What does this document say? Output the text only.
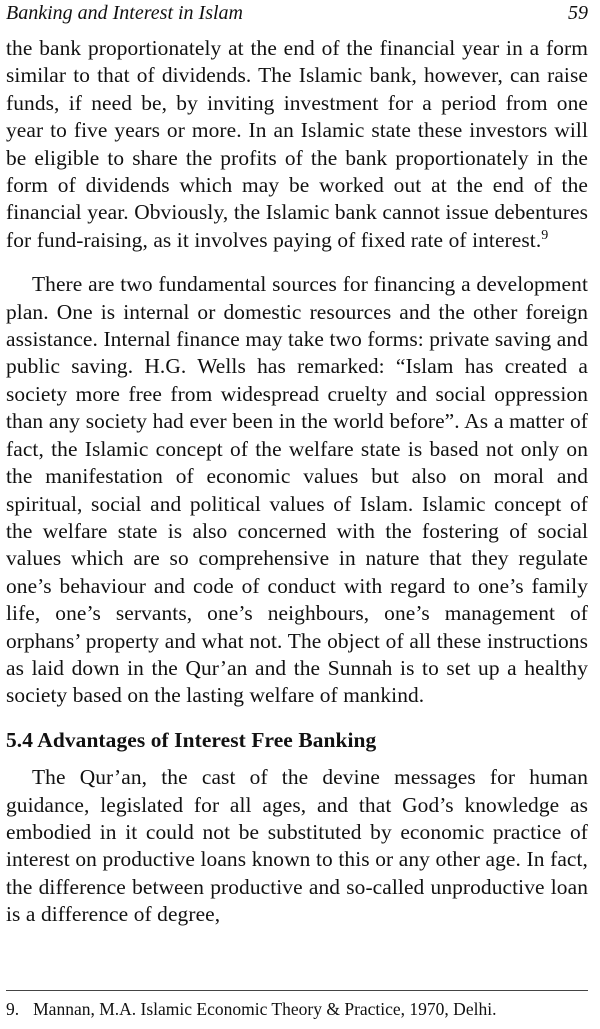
Banking and Interest in Islam	59

the bank proportionately at the end of the financial year in a form similar to that of dividends. The Islamic bank, however, can raise funds, if need be, by inviting investment for a period from one year to five years or more. In an Islamic state these investors will be eligible to share the profits of the bank proportionately in the form of dividends which may be worked out at the end of the financial year. Obviously, the Islamic bank cannot issue debentures for fund-raising, as it involves paying of fixed rate of interest.$^9$

There are two fundamental sources for financing a development plan. One is internal or domestic resources and the other foreign assistance. Internal finance may take two forms: private saving and public saving. H.G. Wells has remarked: “Islam has created a society more free from widespread cruelty and social oppression than any society had ever been in the world before”. As a matter of fact, the Islamic concept of the welfare state is based not only on the manifestation of economic values but also on moral and spiritual, social and political values of Islam. Islamic concept of the welfare state is also concerned with the fostering of social values which are so comprehensive in nature that they regulate one’s behaviour and code of conduct with regard to one’s family life, one’s servants, one’s neighbours, one’s management of orphans’ property and what not. The object of all these instructions as laid down in the Qur’an and the Sunnah is to set up a healthy society based on the lasting welfare of mankind.

5.4 Advantages of Interest Free Banking

The Qur’an, the cast of the devine messages for human guidance, legislated for all ages, and that God’s knowledge as embodied in it could not be substituted by economic practice of interest on productive loans known to this or any other age. In fact, the difference between productive and so-called unproductive loan is a difference of degree,

9. Mannan, M.A. Islamic Economic Theory & Practice, 1970, Delhi.
